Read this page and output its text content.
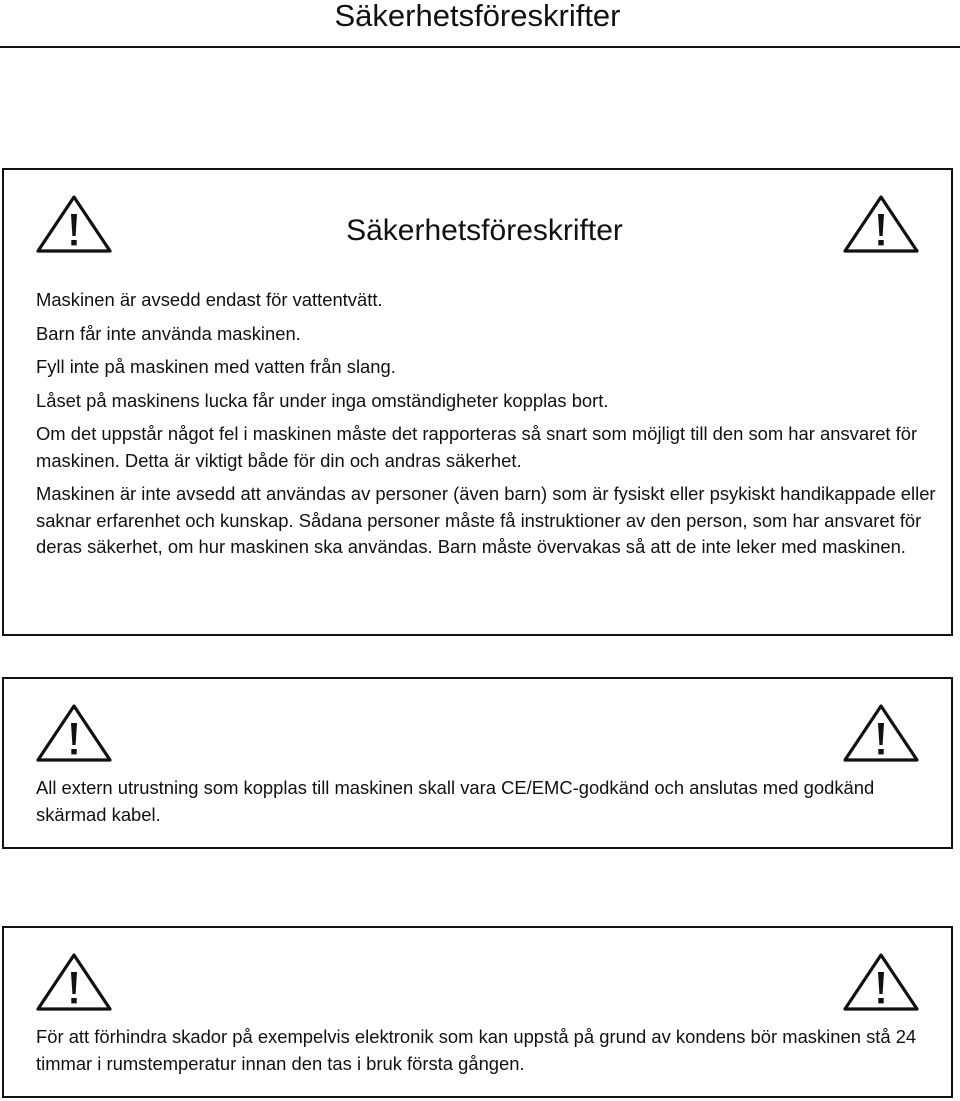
Säkerhetsföreskrifter
Säkerhetsföreskrifter
Maskinen är avsedd endast för vattentvätt.
Barn får inte använda maskinen.
Fyll inte på maskinen med vatten från slang.
Låset på maskinens lucka får under inga omständigheter kopplas bort.
Om det uppstår något fel i maskinen måste det rapporteras så snart som möjligt till den som har ansvaret för maskinen. Detta är viktigt både för din och andras säkerhet.
Maskinen är inte avsedd att användas av personer (även barn) som är fysiskt eller psykiskt handikappade eller saknar erfarenhet och kunskap. Sådana personer måste få instruktioner av den person, som har ansvaret för deras säkerhet, om hur maskinen ska användas. Barn måste övervakas så att de inte leker med maskinen.

All extern utrustning som kopplas till maskinen skall vara CE/EMC-godkänd och anslutas med godkänd skärmad kabel.

För att förhindra skador på exempelvis elektronik som kan uppstå på grund av kondens bör maskinen stå 24 timmar i rumstemperatur innan den tas i bruk första gången.
